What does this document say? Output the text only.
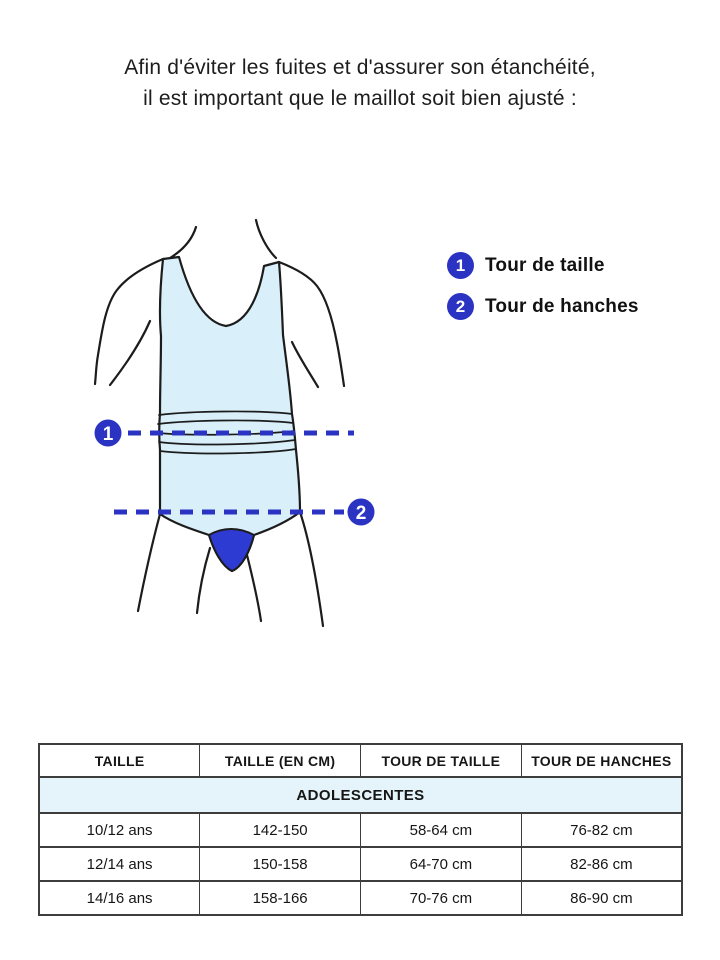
Afin d'éviter les fuites et d'assurer son étanchéité,
il est important que le maillot soit bien ajusté :
1
2
1	Tour de taille
2	Tour de hanches
TAILLE	TAILLE (EN CM)	TOUR DE TAILLE	TOUR DE HANCHES
ADOLESCENTES			
10/12 ans	142-150	58-64 cm	76-82 cm
12/14 ans	150-158	64-70 cm	82-86 cm
14/16 ans	158-166	70-76 cm	86-90 cm
